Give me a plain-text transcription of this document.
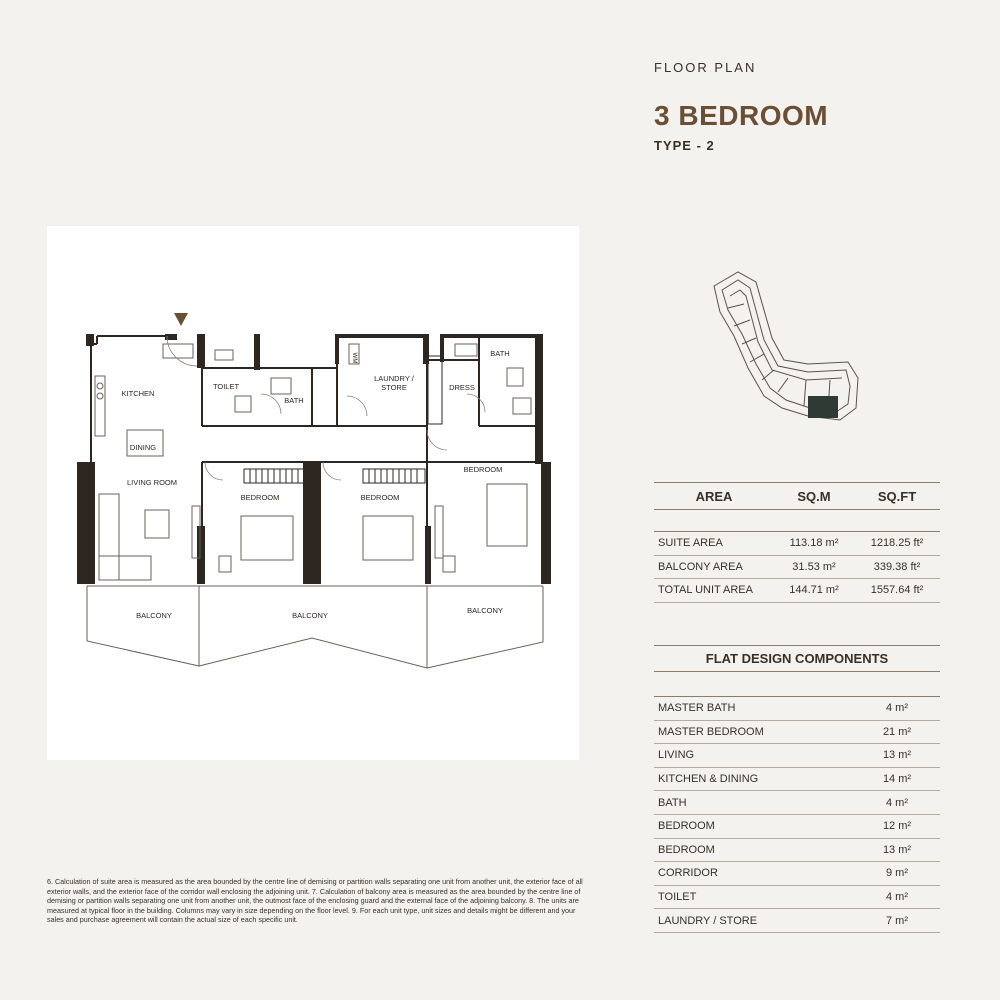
FLOOR PLAN
3 BEDROOM
TYPE - 2
KITCHEN
DINING
LIVING ROOM
TOILET
BATH
LAUNDRY /
STORE	DRESS
BATH
BEDROOM	BEDROOM
BEDROOM
BALCONY	BALCONY
BALCONY
WM
AREA	SQ.M	SQ.FT
SUITE AREA	113.18 m²	1218.25 ft²
BALCONY AREA	31.53 m²	339.38 ft²
TOTAL UNIT AREA	144.71 m²	1557.64 ft²
FLAT DESIGN COMPONENTS
MASTER BATH	4 m²
MASTER BEDROOM	21 m²
LIVING	13 m²
KITCHEN & DINING	14 m²
BATH	4 m²
BEDROOM	12 m²
BEDROOM	13 m²
CORRIDOR	9 m²
TOILET	4 m²
LAUNDRY / STORE	7 m²
6. Calculation of suite area is measured as the area bounded by the centre line of demising or partition walls separating one unit from another unit, the exterior face of all exterior walls, and the exterior face of the corridor wall enclosing the adjoining unit. 7. Calculation of balcony area is measured as the area bounded by the centre line of demising or partition walls separating one unit from another unit, the outmost face of the enclosing guard and the external face of the adjoining balcony. 8. The units are measured at typical floor in the building. Columns may vary in size depending on the floor level. 9. For each unit type, unit sizes and details might be different and your sales and purchase agreement will contain the actual size of each specific unit.
